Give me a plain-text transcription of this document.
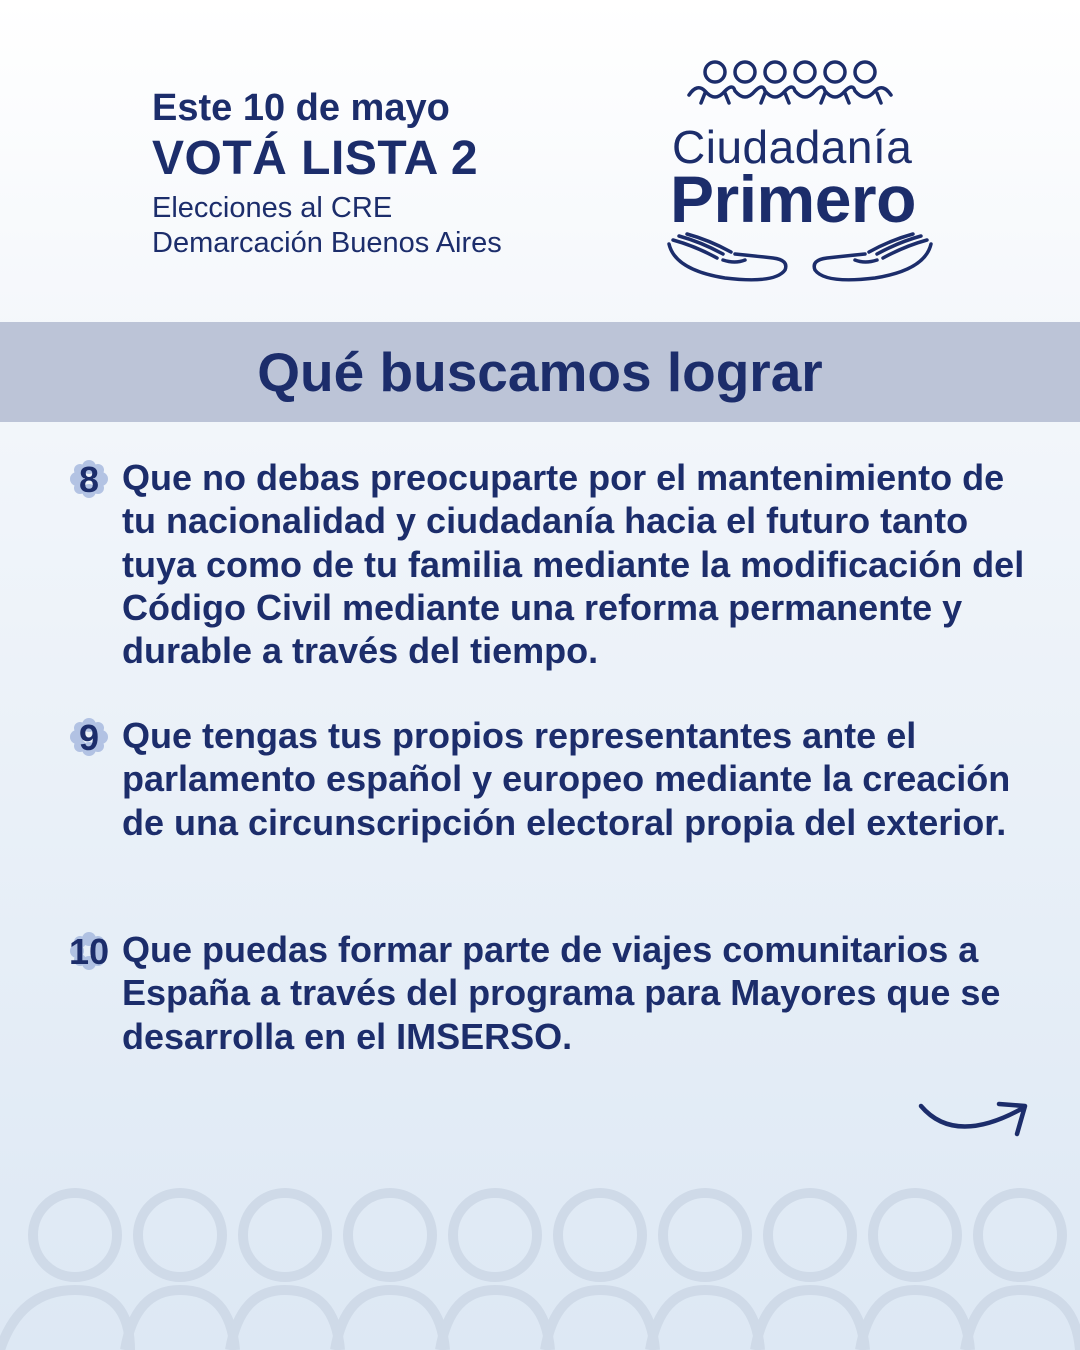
Este 10 de mayo

VOTÁ LISTA 2

Elecciones al CRE

Demarcación Buenos Aires

Ciudadanía
Primero
Qué buscamos lograr
8 Que no debas preocuparte por el mantenimiento de tu nacionalidad y ciudadanía hacia el futuro tanto tuya como de tu familia mediante la modificación del Código Civil mediante una reforma permanente y durable a través del tiempo.

9 Que tengas tus propios representantes ante el parlamento español y europeo mediante la creación de una circunscripción electoral propia del exterior.

10 Que puedas formar parte de viajes comunitarios a España a través del programa para Mayores que se desarrolla en el IMSERSO.
